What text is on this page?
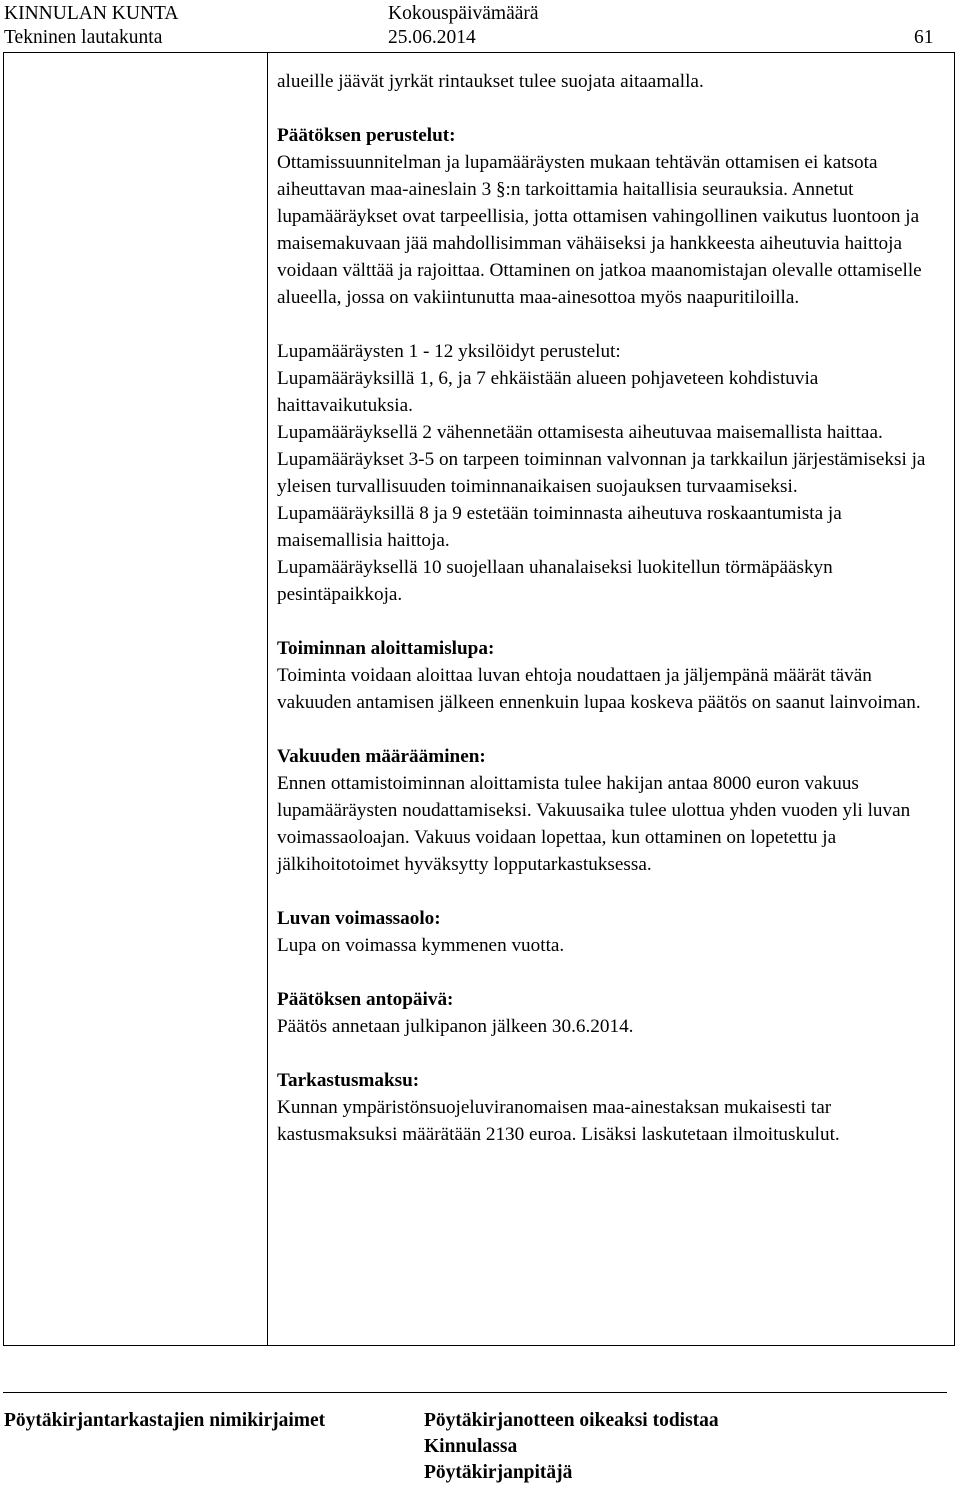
KINNULAN KUNTA	Kokouspäivämäärä
Tekninen lautakunta	25.06.2014	61

alueille jäävät jyrkät rintaukset tulee suojata aitaamalla.

Päätöksen perustelut:

Ottamissuunnitelman ja lupamääräysten mukaan tehtävän ottamisen ei katsota aiheuttavan maa-aineslain 3 §:n tarkoittamia haitallisia seurauksia. Annetut lupamääräykset ovat tarpeellisia, jotta ottamisen vahingollinen vaikutus luontoon ja maisemakuvaan jää mahdollisimman vähäiseksi ja hankkeesta aiheutuvia haittoja voidaan välttää ja rajoittaa. Ottaminen on jatkoa maanomistajan olevalle ottamiselle alueella, jossa on vakiintunutta maa-ainesottoa myös naapuritiloilla.

Lupamääräysten 1 - 12 yksilöidyt perustelut:

Lupamääräyksillä 1, 6, ja 7 ehkäistään alueen pohjaveteen kohdistuvia haittavaikutuksia.

Lupamääräyksellä 2 vähennetään ottamisesta aiheutuvaa maisemallista haittaa.

Lupamääräykset 3-5 on tarpeen toiminnan valvonnan ja tarkkailun järjestämiseksi ja yleisen turvallisuuden toiminnanaikaisen suojauksen turvaamiseksi.

Lupamääräyksillä 8 ja 9 estetään toiminnasta aiheutuva roskaantumista ja maisemallisia haittoja.

Lupamääräyksellä 10 suojellaan uhanalaiseksi luokitellun törmäpääskyn pesintäpaikkoja.

Toiminnan aloittamislupa:

Toiminta voidaan aloittaa luvan ehtoja noudattaen ja jäljempänä määrät tävän vakuuden antamisen jälkeen ennenkuin lupaa koskeva päätös on saanut lainvoiman.

Vakuuden määrääminen:

Ennen ottamistoiminnan aloittamista tulee hakijan antaa 8000 euron vakuus lupamääräysten noudattamiseksi. Vakuusaika tulee ulottua yhden vuoden yli luvan voimassaoloajan. Vakuus voidaan lopettaa, kun ottaminen on lopetettu ja jälkihoitotoimet hyväksytty lopputarkastuksessa.

Luvan voimassaolo:

Lupa on voimassa kymmenen vuotta.

Päätöksen antopäivä:

Päätös annetaan julkipanon jälkeen 30.6.2014.

Tarkastusmaksu:

Kunnan ympäristönsuojeluviranomaisen maa-ainestaksan mukaisesti tar kastusmaksuksi määrätään 2130 euroa. Lisäksi laskutetaan ilmoituskulut.

Pöytäkirjantarkastajien nimikirjaimet	Pöytäkirjanotteen oikeaksi todistaa
Kinnulassa
Pöytäkirjanpitäjä
